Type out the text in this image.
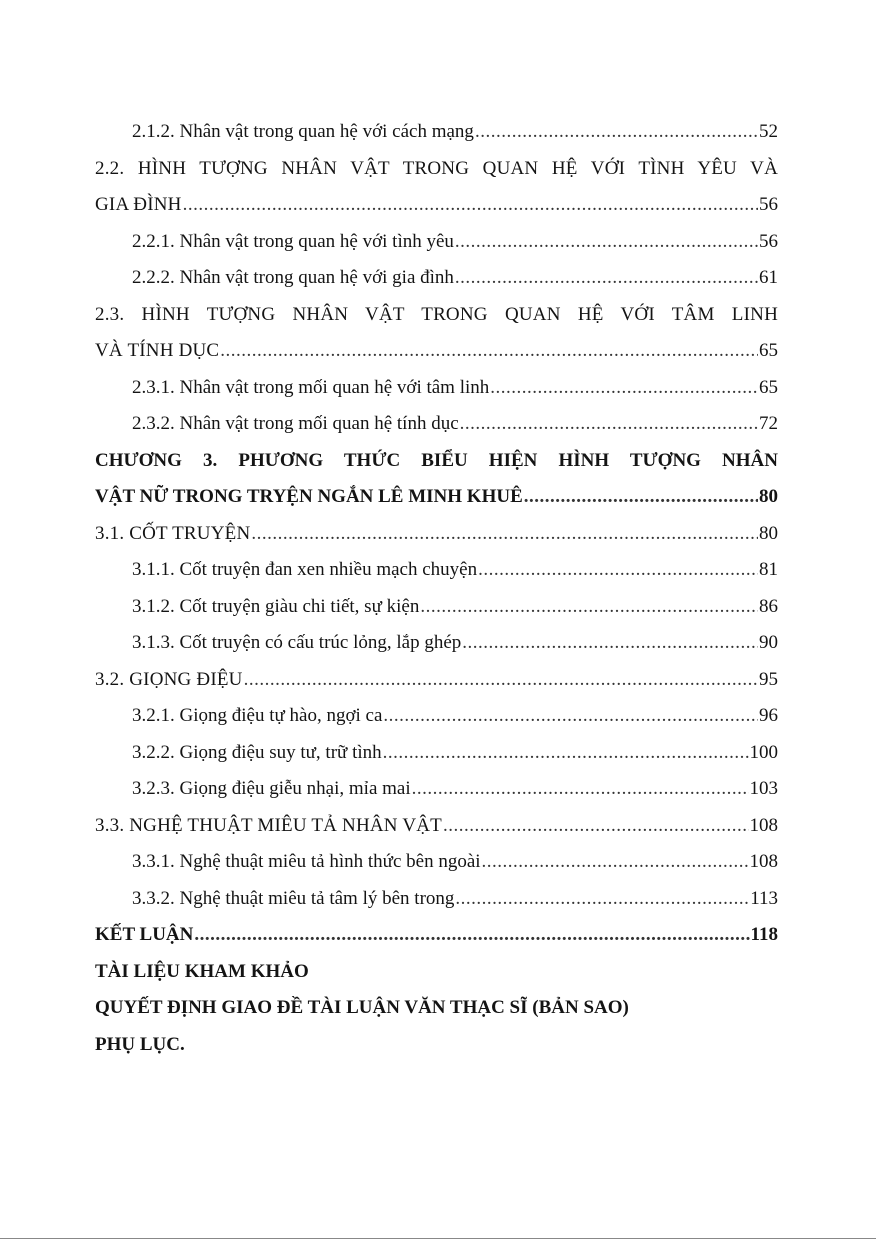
2.1.2. Nhân vật trong quan hệ với cách mạng .....	52
2.2. HÌNH TƯỢNG NHÂN VẬT TRONG QUAN HỆ VỚI TÌNH YÊU VÀ
GIA ĐÌNH .....	56
2.2.1. Nhân vật trong quan hệ với tình yêu .....	56
2.2.2. Nhân vật trong quan hệ với gia đình .....	61
2.3. HÌNH TƯỢNG NHÂN VẬT TRONG QUAN HỆ VỚI TÂM LINH
VÀ TÍNH DỤC .....	65
2.3.1. Nhân vật trong mối quan hệ với tâm linh .....	65
2.3.2. Nhân vật trong mối quan hệ tính dục .....	72
CHƯƠNG 3. PHƯƠNG THỨC BIỂU HIỆN HÌNH TƯỢNG NHÂN
VẬT NỮ TRONG TRYỆN NGẮN LÊ MINH KHUÊ .....	80
3.1. CỐT TRUYỆN .....	80
3.1.1. Cốt truyện đan xen nhiều mạch chuyện .....	81
3.1.2. Cốt truyện giàu chi tiết, sự kiện .....	86
3.1.3. Cốt truyện có cấu trúc lỏng, lắp ghép .....	90
3.2. GIỌNG ĐIỆU .....	95
3.2.1. Giọng điệu tự hào, ngợi ca .....	96
3.2.2. Giọng điệu suy tư, trữ tình .....	100
3.2.3. Giọng điệu giễu nhại, mỉa mai .....	103
3.3. NGHỆ THUẬT MIÊU TẢ NHÂN VẬT .....	108
3.3.1. Nghệ thuật miêu tả hình thức bên ngoài .....	108
3.3.2. Nghệ thuật miêu tả tâm lý bên trong .....	113
KẾT LUẬN .....	118
TÀI LIỆU KHAM KHẢO
QUYẾT ĐỊNH GIAO ĐỀ TÀI LUẬN VĂN THẠC SĨ (BẢN SAO)
PHỤ LỤC.
